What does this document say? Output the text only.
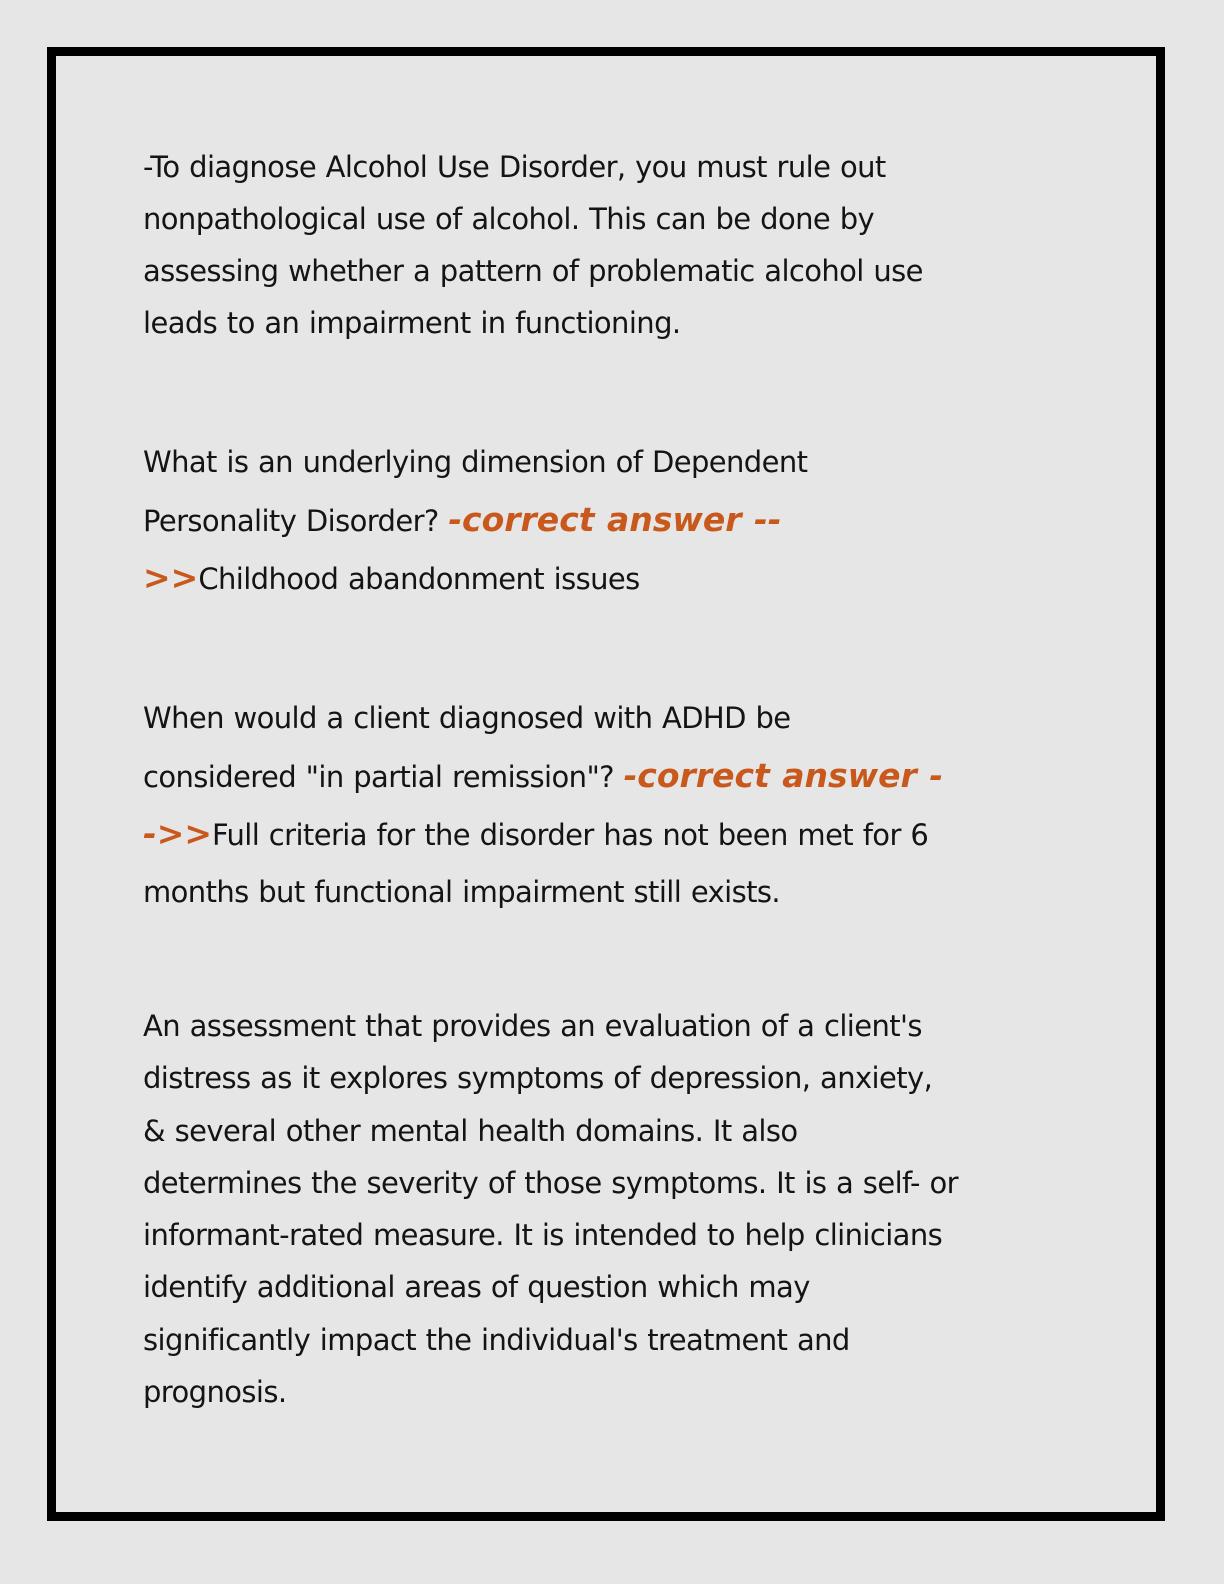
-To diagnose Alcohol Use Disorder, you must rule out
nonpathological use of alcohol. This can be done by
assessing whether a pattern of problematic alcohol use
leads to an impairment in functioning.
What is an underlying dimension of Dependent
Personality Disorder? -correct answer --
>>Childhood abandonment issues
When would a client diagnosed with ADHD be
considered "in partial remission"? -correct answer -
->>Full criteria for the disorder has not been met for 6
months but functional impairment still exists.
An assessment that provides an evaluation of a client's
distress as it explores symptoms of depression, anxiety,
& several other mental health domains. It also
determines the severity of those symptoms. It is a self- or
informant-rated measure. It is intended to help clinicians
identify additional areas of question which may
significantly impact the individual's treatment and
prognosis.
